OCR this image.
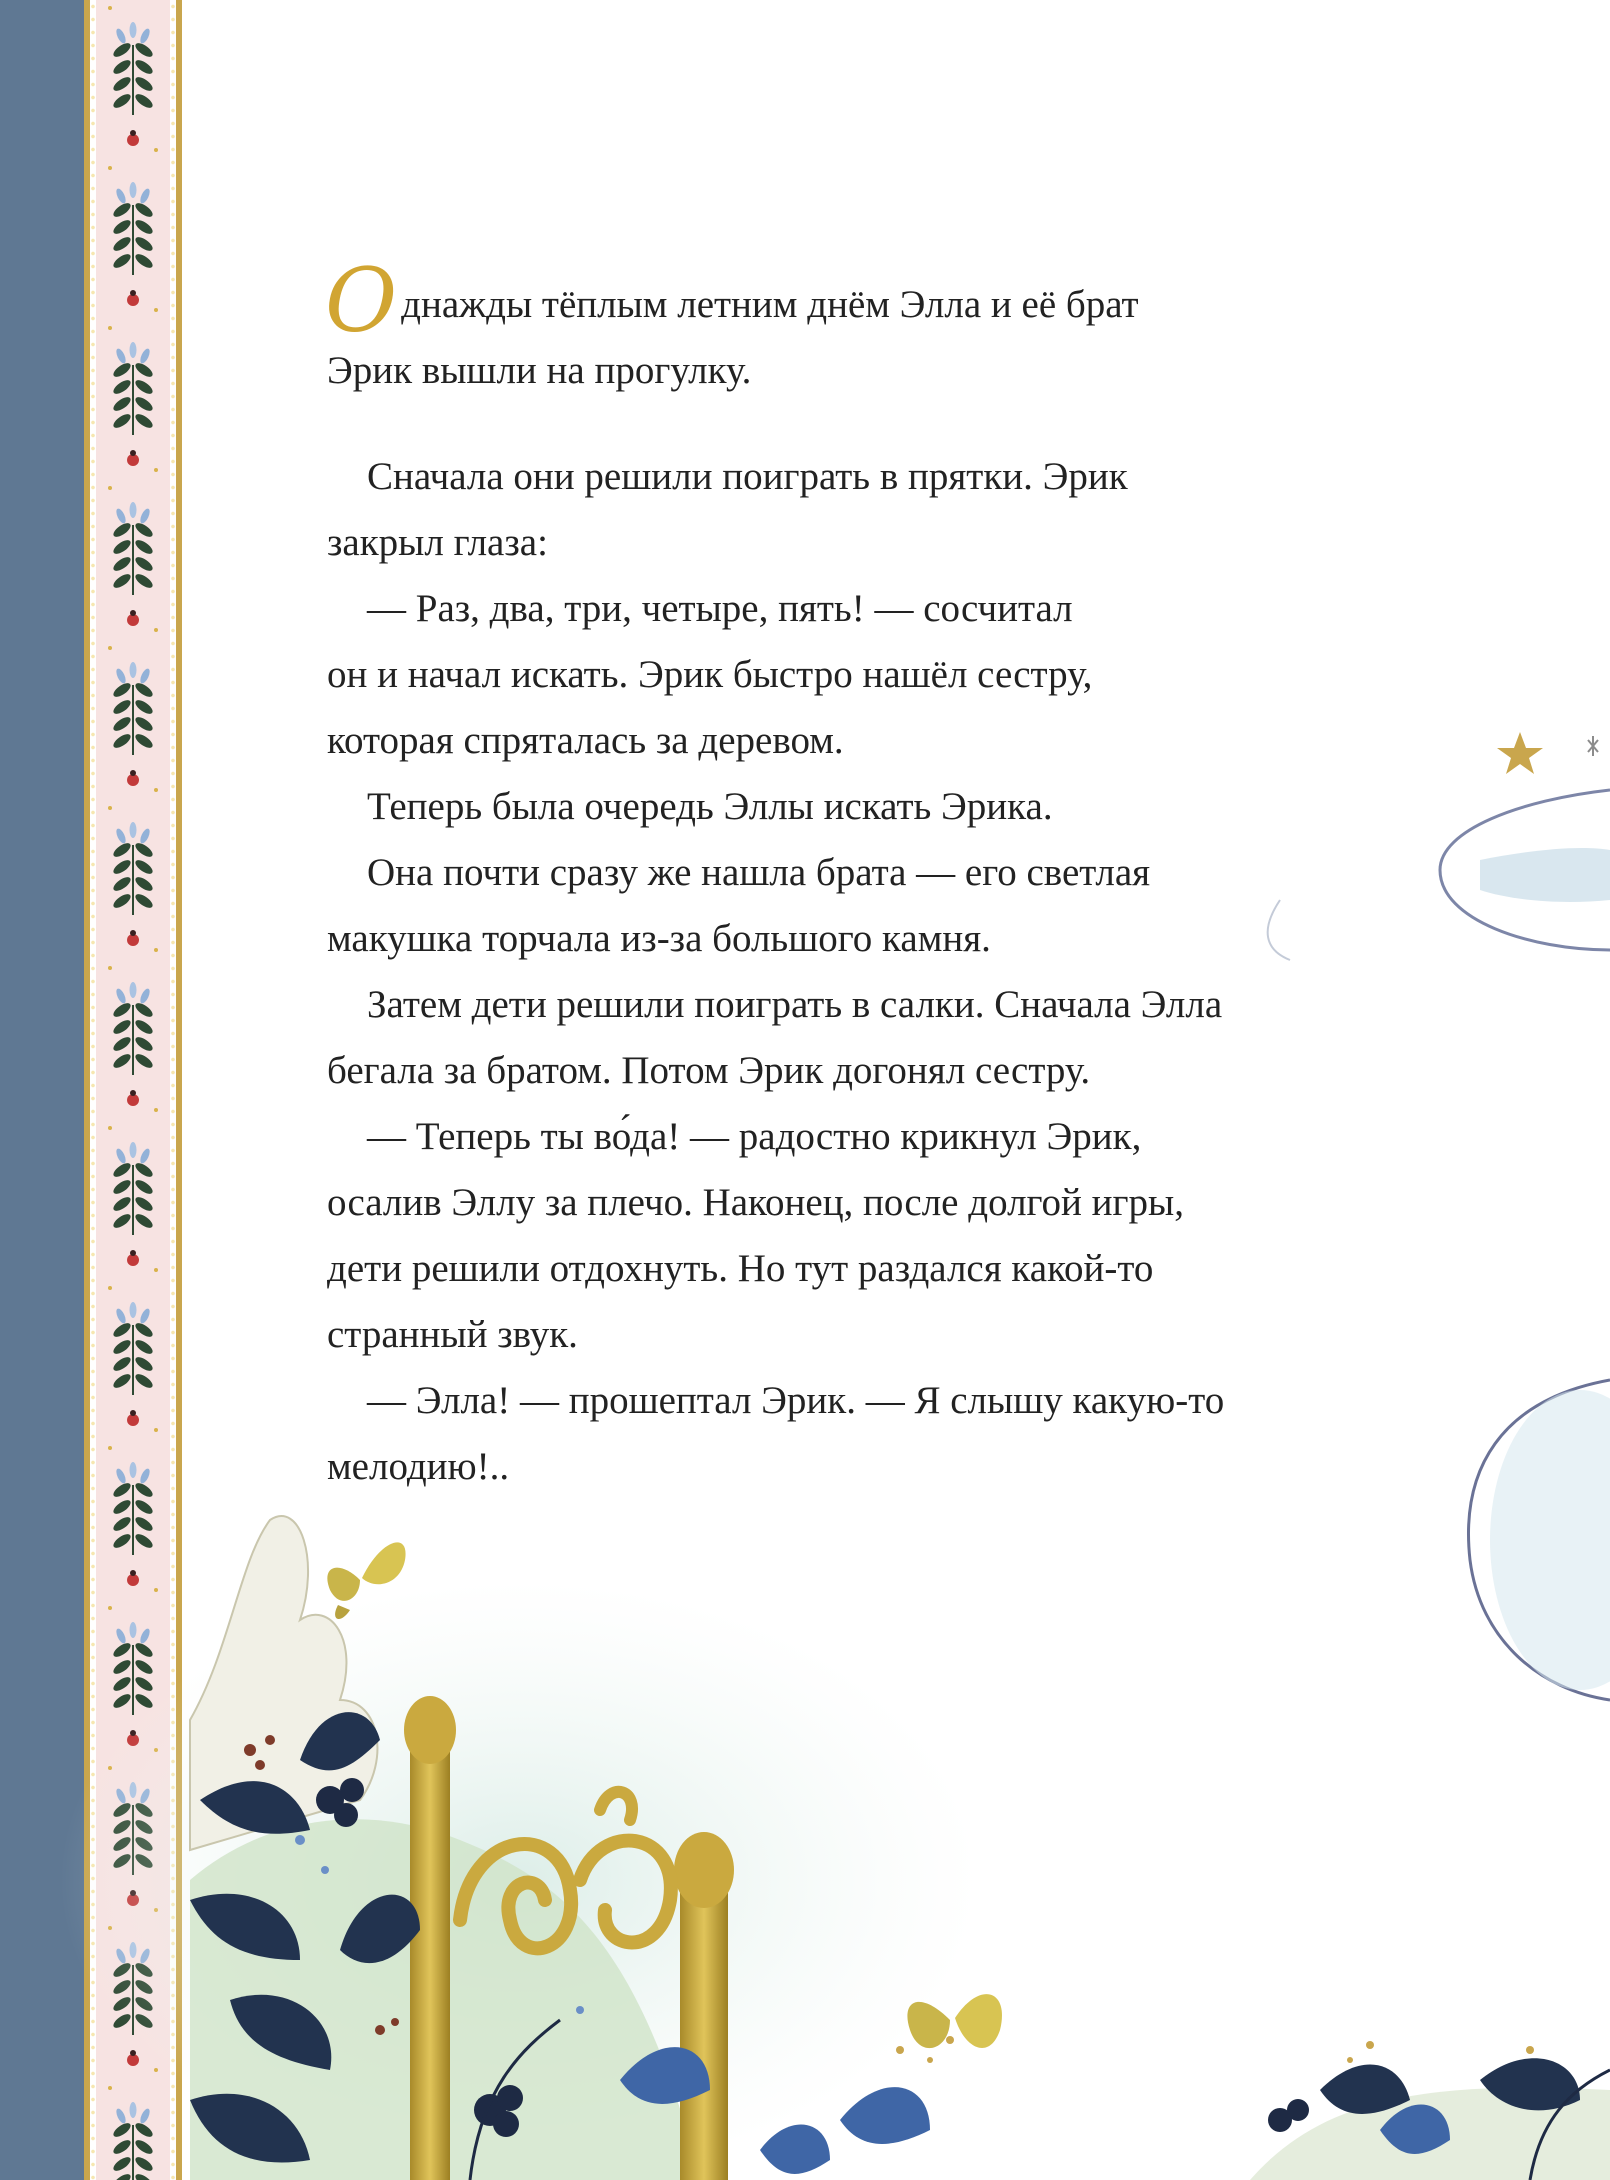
Однажды тёплым летним днём Элла и её брат

Эрик вышли на прогулку.

Сначала они решили поиграть в прятки. Эрик

закрыл глаза:

— Раз, два, три, четыре, пять! — сосчитал

он и начал искать. Эрик быстро нашёл сестру,

которая спряталась за деревом.

Теперь была очередь Эллы искать Эрика.

Она почти сразу же нашла брата — его светлая

макушка торчала из-за большого камня.

Затем дети решили поиграть в салки. Сначала Элла

бегала за братом. Потом Эрик догонял сестру.

— Теперь ты во́да! — радостно крикнул Эрик,

осалив Эллу за плечо. Наконец, после долгой игры,

дети решили отдохнуть. Но тут раздался какой-то

странный звук.

— Элла! — прошептал Эрик. — Я слышу какую-то

мелодию!..
